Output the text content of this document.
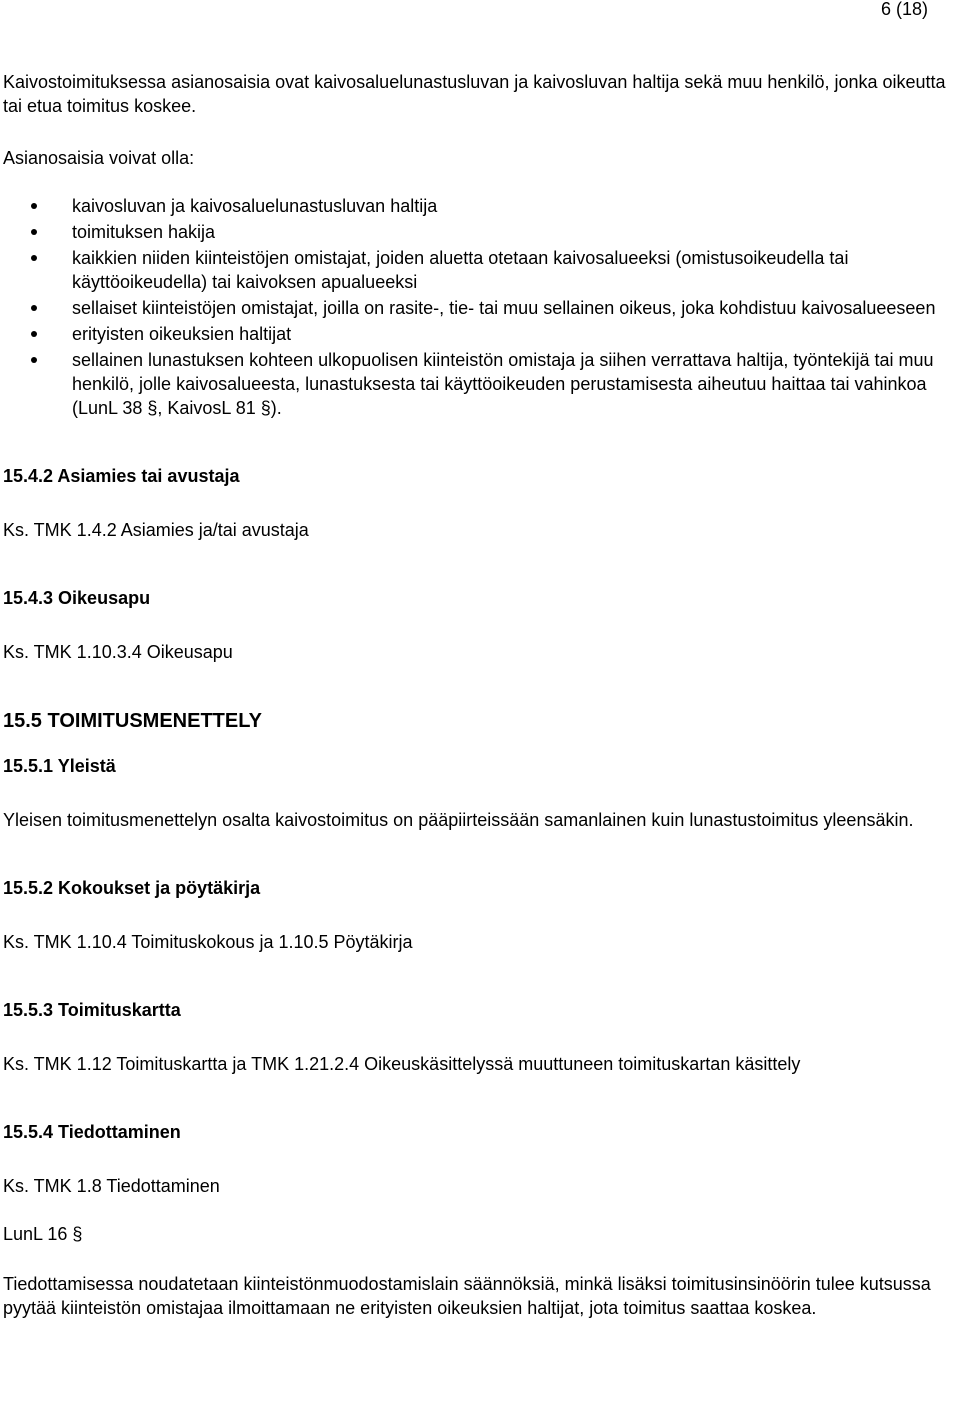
6 (18)

Kaivostoimituksessa asianosaisia ovat kaivosaluelunastusluvan ja kaivosluvan haltija sekä muu henkilö, jonka oikeutta tai etua toimitus koskee.

Asianosaisia voivat olla:

kaivosluvan ja kaivosaluelunastusluvan haltija
toimituksen hakija
kaikkien niiden kiinteistöjen omistajat, joiden aluetta otetaan kaivosalueeksi (omistusoikeudella tai käyttöoikeudella) tai kaivoksen apualueeksi
sellaiset kiinteistöjen omistajat, joilla on rasite-, tie- tai muu sellainen oikeus, joka kohdistuu kaivosalueeseen
erityisten oikeuksien haltijat
sellainen lunastuksen kohteen ulkopuolisen kiinteistön omistaja ja siihen verrattava haltija, työntekijä tai muu henkilö, jolle kaivosalueesta, lunastuksesta tai käyttöoikeuden perustamisesta aiheutuu haittaa tai vahinkoa (LunL 38 §, KaivosL 81 §).
15.4.2 Asiamies tai avustaja

Ks. TMK 1.4.2 Asiamies ja/tai avustaja

15.4.3 Oikeusapu

Ks. TMK 1.10.3.4 Oikeusapu

15.5 TOIMITUSMENETTELY
15.5.1 Yleistä

Yleisen toimitusmenettelyn osalta kaivostoimitus on pääpiirteissään samanlainen kuin lunastustoimitus yleensäkin.

15.5.2 Kokoukset ja pöytäkirja

Ks. TMK 1.10.4 Toimituskokous ja 1.10.5 Pöytäkirja

15.5.3 Toimituskartta

Ks. TMK 1.12 Toimituskartta ja TMK 1.21.2.4 Oikeuskäsittelyssä muuttuneen toimituskartan käsittely

15.5.4 Tiedottaminen

Ks. TMK 1.8 Tiedottaminen

LunL 16 §

Tiedottamisessa noudatetaan kiinteistönmuodostamislain säännöksiä, minkä lisäksi toimitusinsinöörin tulee kutsussa pyytää kiinteistön omistajaa ilmoittamaan ne erityisten oikeuksien haltijat, jota toimitus saattaa koskea.
